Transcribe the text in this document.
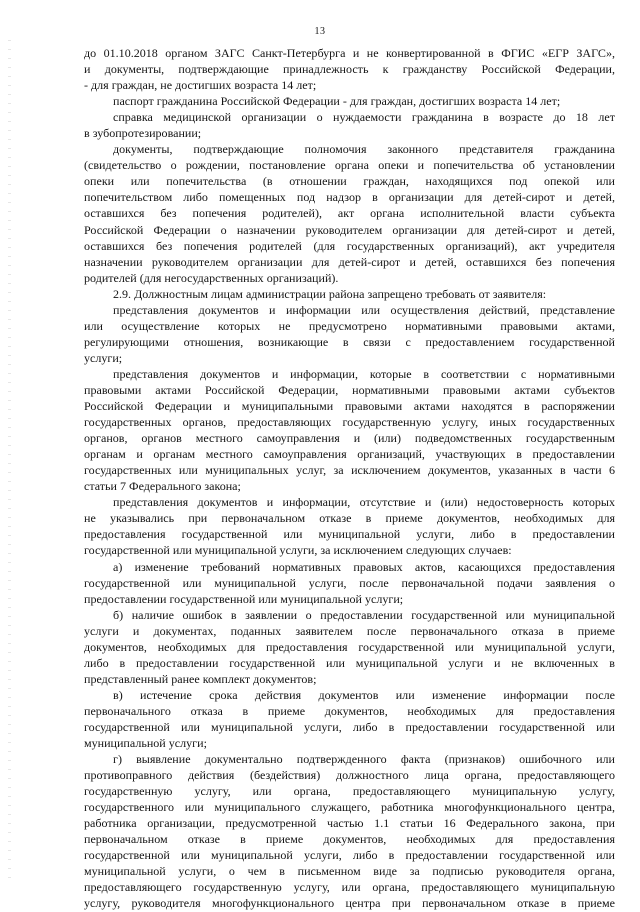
13

до 01.10.2018 органом ЗАГС Санкт-Петербурга и не конвертированной в ФГИС «ЕГР ЗАГС»,
и документы, подтверждающие принадлежность к гражданству Российской Федерации,
- для граждан, не достигших возраста 14 лет;

паспорт гражданина Российской Федерации - для граждан, достигших возраста 14 лет;

справка медицинской организации о нуждаемости гражданина в возрасте до 18 лет
в зубопротезировании;

документы, подтверждающие полномочия законного представителя гражданина
(свидетельство о рождении, постановление органа опеки и попечительства об установлении
опеки или попечительства (в отношении граждан, находящихся под опекой или
попечительством либо помещенных под надзор в организации для детей-сирот и детей,
оставшихся без попечения родителей), акт органа исполнительной власти субъекта
Российской Федерации о назначении руководителем организации для детей-сирот и детей,
оставшихся без попечения родителей (для государственных организаций), акт учредителя
назначении руководителем организации для детей-сирот и детей, оставшихся без попечения
родителей (для негосударственных организаций).

2.9. Должностным лицам администрации района запрещено требовать от заявителя:

представления документов и информации или осуществления действий, представление
или осуществление которых не предусмотрено нормативными правовыми актами,
регулирующими отношения, возникающие в связи с предоставлением государственной
услуги;

представления документов и информации, которые в соответствии с нормативными
правовыми актами Российской Федерации, нормативными правовыми актами субъектов
Российской Федерации и муниципальными правовыми актами находятся в распоряжении
государственных органов, предоставляющих государственную услугу, иных государственных
органов, органов местного самоуправления и (или) подведомственных государственным
органам и органам местного самоуправления организаций, участвующих в предоставлении
государственных или муниципальных услуг, за исключением документов, указанных в части 6
статьи 7 Федерального закона;

представления документов и информации, отсутствие и (или) недостоверность которых
не указывались при первоначальном отказе в приеме документов, необходимых для
предоставления государственной или муниципальной услуги, либо в предоставлении
государственной или муниципальной услуги, за исключением следующих случаев:

а) изменение требований нормативных правовых актов, касающихся предоставления
государственной или муниципальной услуги, после первоначальной подачи заявления о
предоставлении государственной или муниципальной услуги;

б) наличие ошибок в заявлении о предоставлении государственной или муниципальной
услуги и документах, поданных заявителем после первоначального отказа в приеме
документов, необходимых для предоставления государственной или муниципальной услуги,
либо в предоставлении государственной или муниципальной услуги и не включенных в
представленный ранее комплект документов;

в) истечение срока действия документов или изменение информации после
первоначального отказа в приеме документов, необходимых для предоставления
государственной или муниципальной услуги, либо в предоставлении государственной или
муниципальной услуги;

г) выявление документально подтвержденного факта (признаков) ошибочного или
противоправного действия (бездействия) должностного лица органа, предоставляющего
государственную услугу, или органа, предоставляющего муниципальную услугу,
государственного или муниципального служащего, работника многофункционального центра,
работника организации, предусмотренной частью 1.1 статьи 16 Федерального закона, при
первоначальном отказе в приеме документов, необходимых для предоставления
государственной или муниципальной услуги, либо в предоставлении государственной или
муниципальной услуги, о чем в письменном виде за подписью руководителя органа,
предоставляющего государственную услугу, или органа, предоставляющего муниципальную
услугу, руководителя многофункционального центра при первоначальном отказе в приеме
